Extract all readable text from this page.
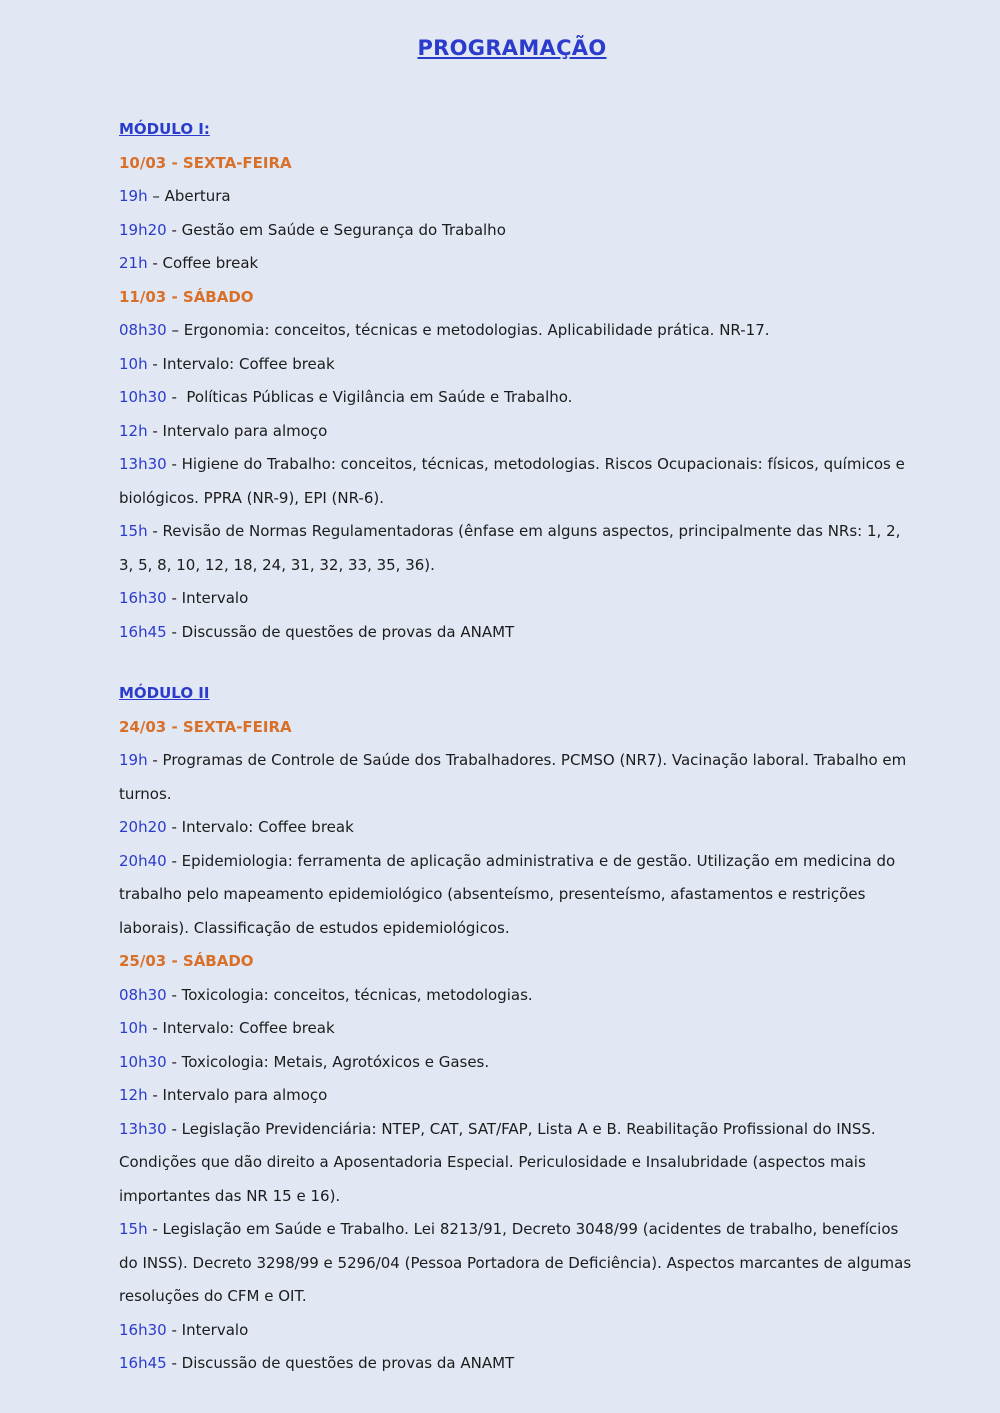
PROGRAMAÇÃO
MÓDULO I:
10/03 - SEXTA-FEIRA
19h – Abertura
19h20 - Gestão em Saúde e Segurança do Trabalho
21h - Coffee break
11/03 - SÁBADO
08h30 – Ergonomia: conceitos, técnicas e metodologias. Aplicabilidade prática. NR-17.
10h - Intervalo: Coffee break
10h30 -  Políticas Públicas e Vigilância em Saúde e Trabalho.
12h - Intervalo para almoço
13h30 - Higiene do Trabalho: conceitos, técnicas, metodologias. Riscos Ocupacionais: físicos, químicos e biológicos. PPRA (NR-9), EPI (NR-6).
15h - Revisão de Normas Regulamentadoras (ênfase em alguns aspectos, principalmente das NRs: 1, 2, 3, 5, 8, 10, 12, 18, 24, 31, 32, 33, 35, 36).
16h30 - Intervalo
16h45 - Discussão de questões de provas da ANAMT
MÓDULO II
24/03 - SEXTA-FEIRA
19h - Programas de Controle de Saúde dos Trabalhadores. PCMSO (NR7). Vacinação laboral. Trabalho em turnos.
20h20 - Intervalo: Coffee break
20h40 - Epidemiologia: ferramenta de aplicação administrativa e de gestão. Utilização em medicina do trabalho pelo mapeamento epidemiológico (absenteísmo, presenteísmo, afastamentos e restrições laborais). Classificação de estudos epidemiológicos.
25/03 - SÁBADO
08h30 - Toxicologia: conceitos, técnicas, metodologias.
10h - Intervalo: Coffee break
10h30 - Toxicologia: Metais, Agrotóxicos e Gases.
12h - Intervalo para almoço
13h30 - Legislação Previdenciária: NTEP, CAT, SAT/FAP, Lista A e B. Reabilitação Profissional do INSS. Condições que dão direito a Aposentadoria Especial. Periculosidade e Insalubridade (aspectos mais importantes das NR 15 e 16).
15h - Legislação em Saúde e Trabalho. Lei 8213/91, Decreto 3048/99 (acidentes de trabalho, benefícios do INSS). Decreto 3298/99 e 5296/04 (Pessoa Portadora de Deficiência). Aspectos marcantes de algumas resoluções do CFM e OIT.
16h30 - Intervalo
16h45 - Discussão de questões de provas da ANAMT
